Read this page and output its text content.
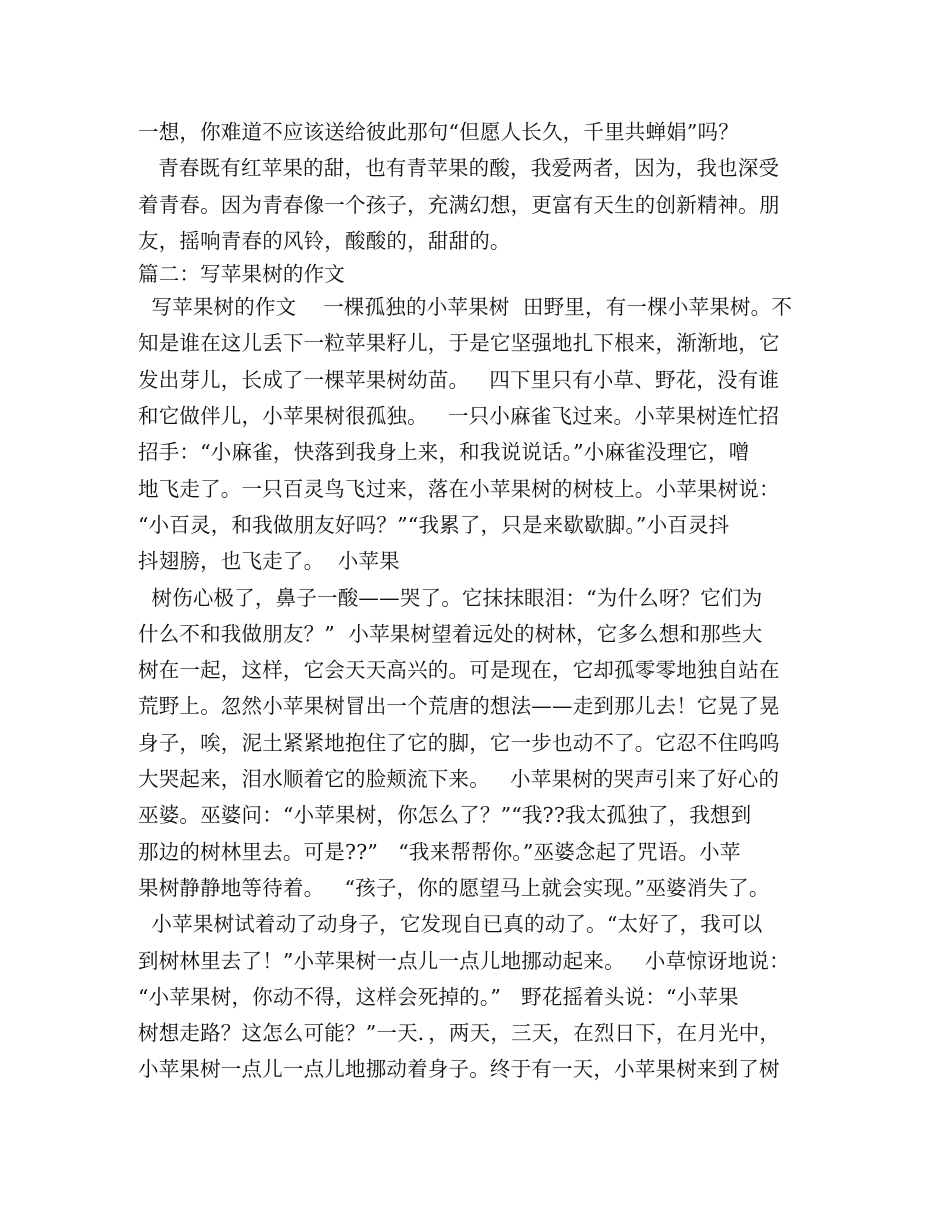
一想，你难道不应该送给彼此那句“但愿人长久，千里共蝉娟”吗？
青春既有红苹果的甜，也有青苹果的酸，我爱两者，因为，我也深受
着青春。因为青春像一个孩子，充满幻想，更富有天生的创新精神。朋
友，摇响青春的风铃，酸酸的，甜甜的。
篇二：写苹果树的作文
写苹果树的作文    一棵孤独的小苹果树  田野里，有一棵小苹果树。不
知是谁在这儿丢下一粒苹果籽儿，于是它坚强地扎下根来，渐渐地，它
发出芽儿，长成了一棵苹果树幼苗。   四下里只有小草、野花，没有谁
和它做伴儿，小苹果树很孤独。   一只小麻雀飞过来。小苹果树连忙招
招手：“小麻雀，快落到我身上来，和我说说话。”小麻雀没理它，噌
地飞走了。一只百灵鸟飞过来，落在小苹果树的树枝上。小苹果树说：
“小百灵，和我做朋友好吗？”“我累了，只是来歇歇脚。”小百灵抖
抖翅膀，也飞走了。  小苹果
树伤心极了，鼻子一酸——哭了。它抹抹眼泪：“为什么呀？它们为
什么不和我做朋友？”  小苹果树望着远处的树林，它多么想和那些大
树在一起，这样，它会天天高兴的。可是现在，它却孤零零地独自站在
荒野上。忽然小苹果树冒出一个荒唐的想法——走到那儿去！它晃了晃
身子，唉，泥土紧紧地抱住了它的脚，它一步也动不了。它忍不住呜呜
大哭起来，泪水顺着它的脸颊流下来。   小苹果树的哭声引来了好心的
巫婆。巫婆问：“小苹果树，你怎么了？”“我??我太孤独了，我想到
那边的树林里去。可是??”   “我来帮帮你。”巫婆念起了咒语。小苹
果树静静地等待着。   “孩子，你的愿望马上就会实现。”巫婆消失了。
小苹果树试着动了动身子，它发现自已真的动了。“太好了，我可以
到树林里去了！”小苹果树一点儿一点儿地挪动起来。   小草惊讶地说：
“小苹果树，你动不得，这样会死掉的。”   野花摇着头说：“小苹果
树想走路？这怎么可能？”一天．，两天，三天，在烈日下，在月光中，
小苹果树一点儿一点儿地挪动着身子。终于有一天，小苹果树来到了树
